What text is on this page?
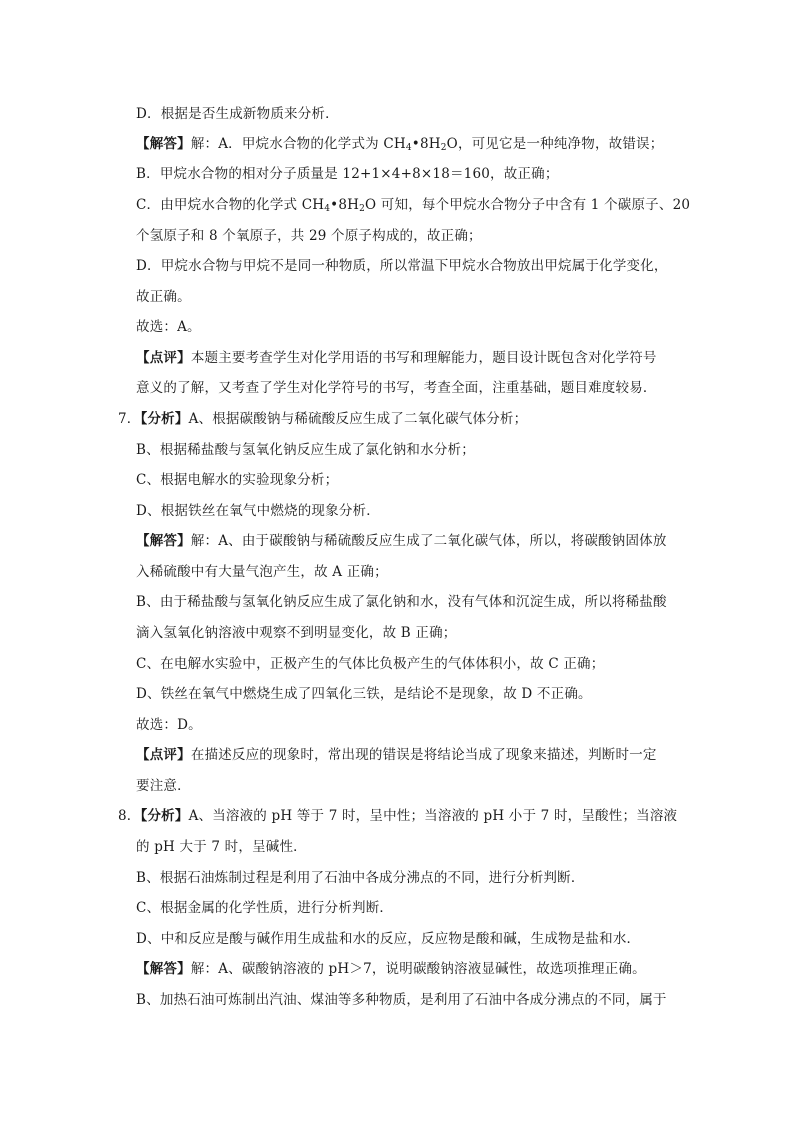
D．根据是否生成新物质来分析．
【解答】解：A．甲烷水合物的化学式为 $CH_4•8H_2O$，可见它是一种纯净物，故错误；
B．甲烷水合物的相对分子质量是 12+1×4+8×18＝160，故正确；
C．由甲烷水合物的化学式 $CH_4•8H_2O$ 可知，每个甲烷水合物分子中含有 1 个碳原子、20
个氢原子和 8 个氧原子，共 29 个原子构成的，故正确；
D．甲烷水合物与甲烷不是同一种物质，所以常温下甲烷水合物放出甲烷属于化学变化，
故正确。
故选：A。
【点评】本题主要考查学生对化学用语的书写和理解能力，题目设计既包含对化学符号
意义的了解，又考查了学生对化学符号的书写，考查全面，注重基础，题目难度较易．
7．【分析】A、根据碳酸钠与稀硫酸反应生成了二氧化碳气体分析；
B、根据稀盐酸与氢氧化钠反应生成了氯化钠和水分析；
C、根据电解水的实验现象分析；
D、根据铁丝在氧气中燃烧的现象分析．
【解答】解：A、由于碳酸钠与稀硫酸反应生成了二氧化碳气体，所以，将碳酸钠固体放
入稀硫酸中有大量气泡产生，故 A 正确；
B、由于稀盐酸与氢氧化钠反应生成了氯化钠和水，没有气体和沉淀生成，所以将稀盐酸
滴入氢氧化钠溶液中观察不到明显变化，故 B 正确；
C、在电解水实验中，正极产生的气体比负极产生的气体体积小，故 C 正确；
D、铁丝在氧气中燃烧生成了四氧化三铁，是结论不是现象，故 D 不正确。
故选：D。
【点评】在描述反应的现象时，常出现的错误是将结论当成了现象来描述，判断时一定
要注意．
8．【分析】A、当溶液的 pH 等于 7 时，呈中性；当溶液的 pH 小于 7 时，呈酸性；当溶液
的 pH 大于 7 时，呈碱性．
B、根据石油炼制过程是利用了石油中各成分沸点的不同，进行分析判断．
C、根据金属的化学性质，进行分析判断．
D、中和反应是酸与碱作用生成盐和水的反应，反应物是酸和碱，生成物是盐和水．
【解答】解：A、碳酸钠溶液的 pH＞7，说明碳酸钠溶液显碱性，故选项推理正确。
B、加热石油可炼制出汽油、煤油等多种物质，是利用了石油中各成分沸点的不同，属于
